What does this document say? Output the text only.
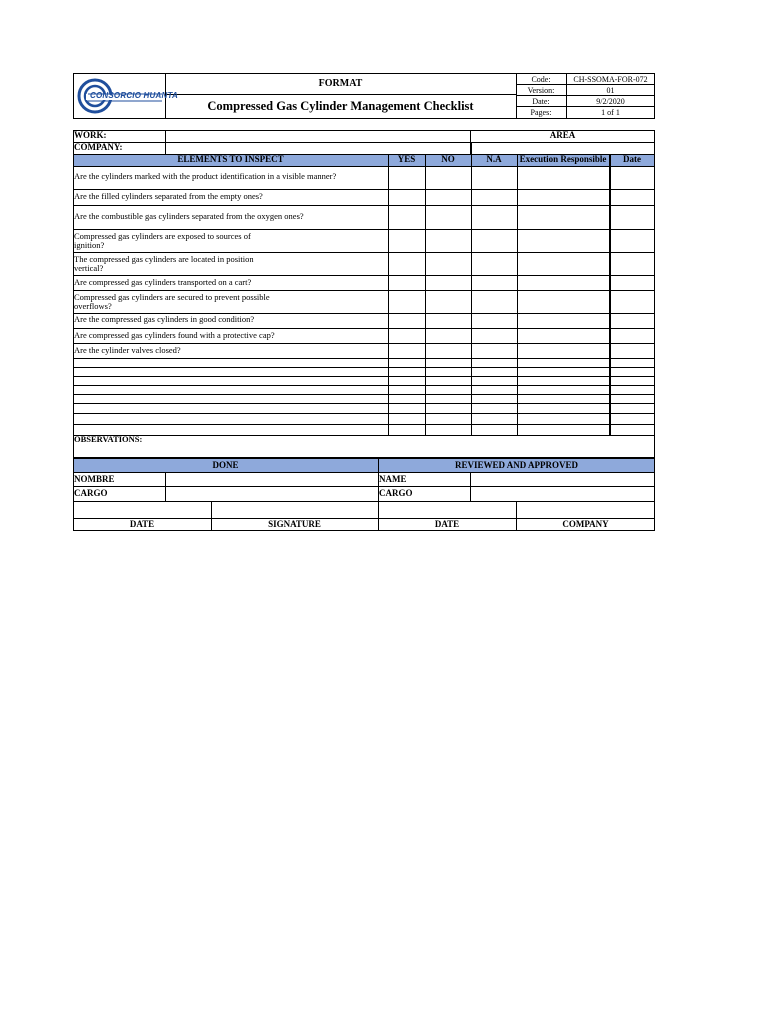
CONSORCIO HUANTA
FORMAT
Compressed Gas Cylinder Management Checklist
Code:	CH-SSOMA-FOR-072
Version:	01
Date:	9/2/2020
Pages:	1 of 1
WORK:
COMPANY:
AREA
ELEMENTS TO INSPECT	YES	NO	N.A	Execution Responsible	Date
Are the cylinders marked with the product identification in a visible manner?
Are the filled cylinders separated from the empty ones?
Are the combustible gas cylinders separated from the oxygen ones?
Compressed gas cylinders are exposed to sources of ignition?
The compressed gas cylinders are located in position vertical?
Are compressed gas cylinders transported on a cart?
Compressed gas cylinders are secured to prevent possible overflows?
Are the compressed gas cylinders in good condition?
Are compressed gas cylinders found with a protective cap?
Are the cylinder valves closed?
OBSERVATIONS:
DONE	REVIEWED AND APPROVED
NOMBRE
CARGO
NAME
CARGO
DATE	SIGNATURE	DATE	COMPANY
